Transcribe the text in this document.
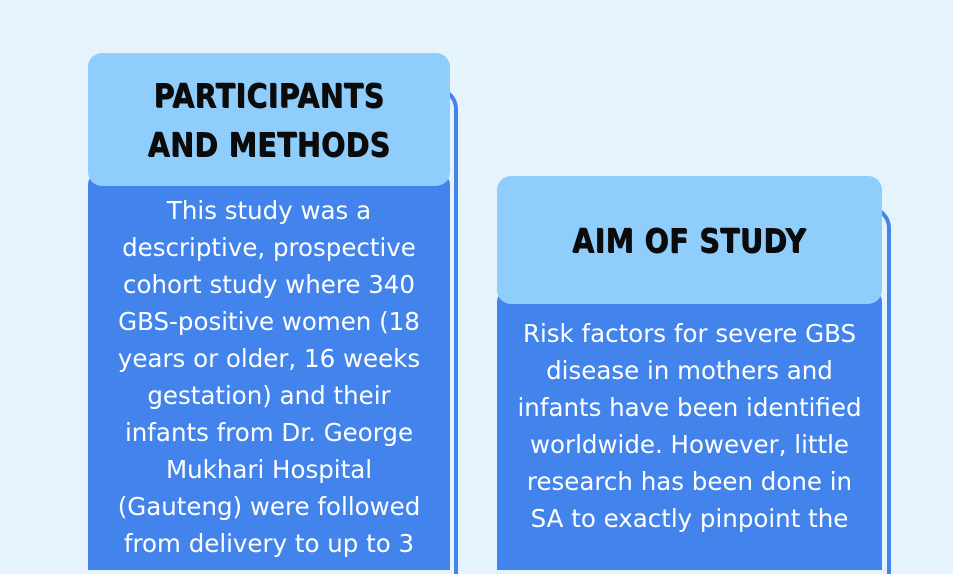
PARTICIPANTS AND METHODS

This study was a descriptive, prospective cohort study where 340 GBS-positive women (18 years or older, 16 weeks gestation) and their infants from Dr. George Mukhari Hospital (Gauteng) were followed from delivery to up to 3

AIM OF STUDY

Risk factors for severe GBS disease in mothers and infants have been identified worldwide. However, little research has been done in SA to exactly pinpoint the
